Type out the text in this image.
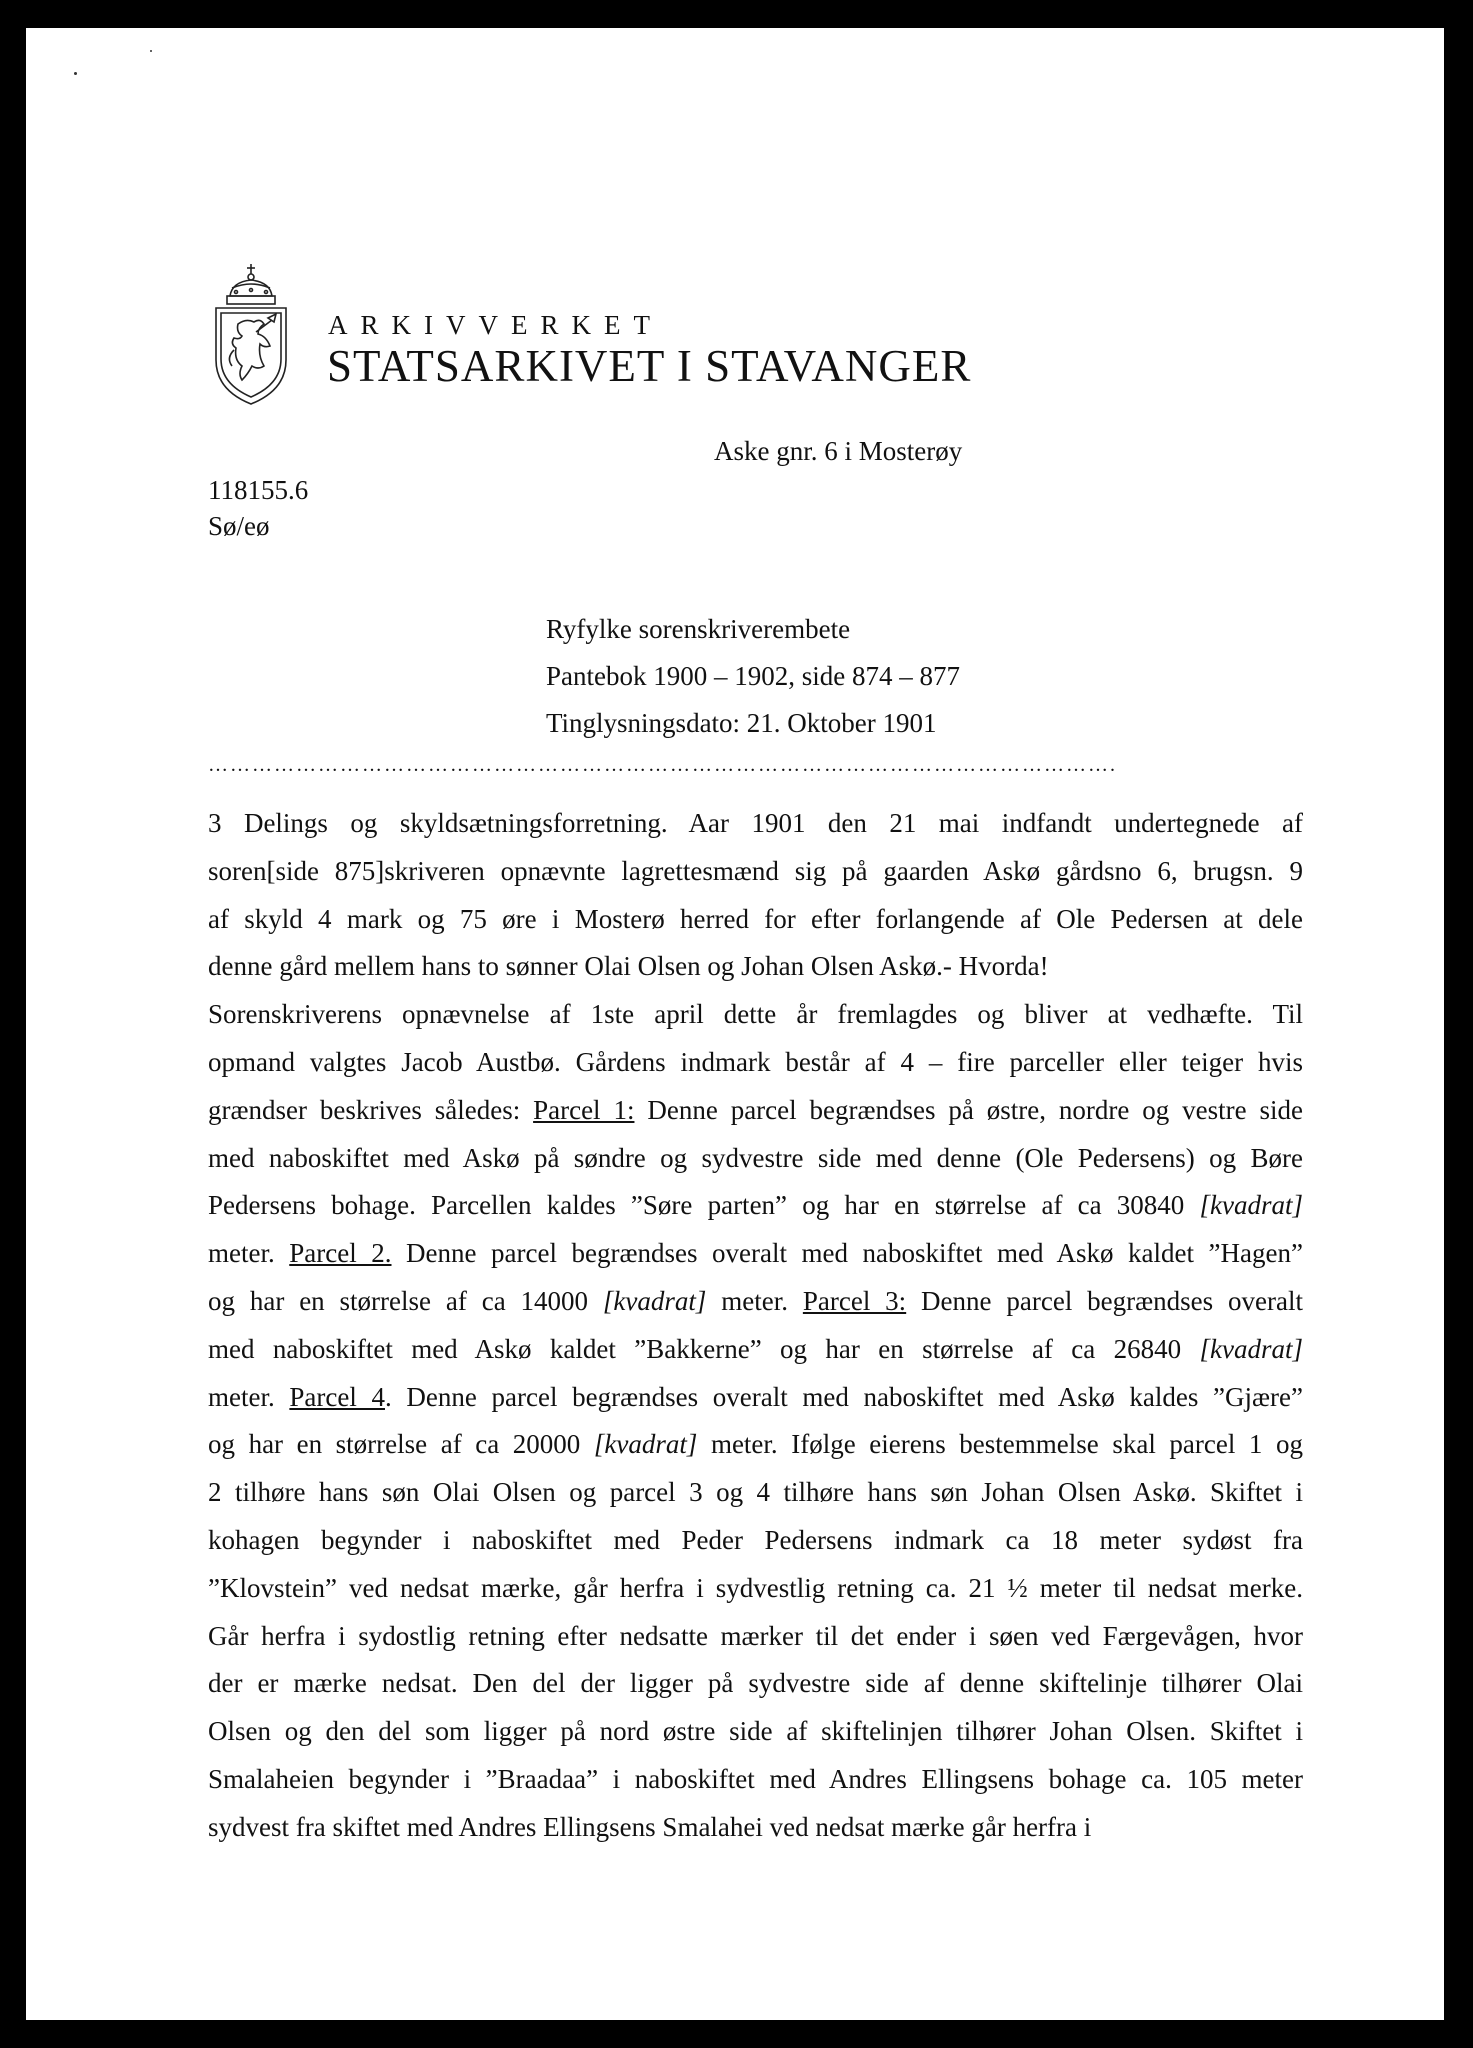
ARKIVVERKET
STATSARKIVET I STAVANGER
Aske gnr. 6 i Mosterøy
118155.6
Sø/eø
Ryfylke sorenskriverembete
Pantebok 1900 – 1902, side 874 – 877
Tinglysningsdato: 21. Oktober 1901
…………………………………………………………………………………………………………….
3 Delings og skyldsætningsforretning. Aar 1901 den 21 mai indfandt undertegnede af
soren[side 875]skriveren opnævnte lagrettesmænd sig på gaarden Askø gårdsno 6, brugsn. 9
af skyld 4 mark og 75 øre i Mosterø herred for efter forlangende af Ole Pedersen at dele
denne gård mellem hans to sønner Olai Olsen og Johan Olsen Askø.- Hvorda!
Sorenskriverens opnævnelse af 1ste april dette år fremlagdes og bliver at vedhæfte. Til
opmand valgtes Jacob Austbø. Gårdens indmark består af 4 – fire parceller eller teiger hvis
grændser beskrives således: Parcel 1: Denne parcel begrændses på østre, nordre og vestre side
med naboskiftet med Askø på søndre og sydvestre side med denne (Ole Pedersens) og Børe
Pedersens bohage. Parcellen kaldes ”Søre parten” og har en størrelse af ca 30840 [kvadrat]
meter. Parcel 2. Denne parcel begrændses overalt med naboskiftet med Askø kaldet ”Hagen”
og har en størrelse af ca 14000 [kvadrat] meter. Parcel 3: Denne parcel begrændses overalt
med naboskiftet med Askø kaldet ”Bakkerne” og har en størrelse af ca 26840 [kvadrat]
meter. Parcel 4. Denne parcel begrændses overalt med naboskiftet med Askø kaldes ”Gjære”
og har en størrelse af ca 20000 [kvadrat] meter. Ifølge eierens bestemmelse skal parcel 1 og
2 tilhøre hans søn Olai Olsen og parcel 3 og 4 tilhøre hans søn Johan Olsen Askø. Skiftet i
kohagen begynder i naboskiftet med Peder Pedersens indmark ca 18 meter sydøst fra
”Klovstein” ved nedsat mærke, går herfra i sydvestlig retning ca. 21 ½ meter til nedsat merke.
Går herfra i sydostlig retning efter nedsatte mærker til det ender i søen ved Færgevågen, hvor
der er mærke nedsat. Den del der ligger på sydvestre side af denne skiftelinje tilhører Olai
Olsen og den del som ligger på nord østre side af skiftelinjen tilhører Johan Olsen. Skiftet i
Smalaheien begynder i ”Braadaa” i naboskiftet med Andres Ellingsens bohage ca. 105 meter
sydvest fra skiftet med Andres Ellingsens Smalahei ved nedsat mærke går herfra i
